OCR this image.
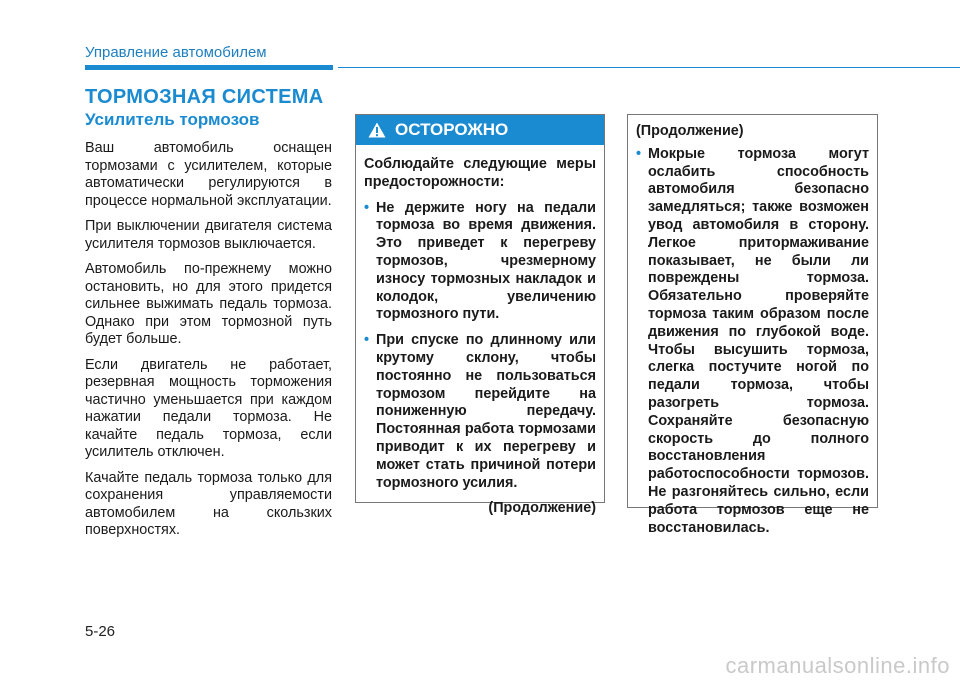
Управление автомобилем
ТОРМОЗНАЯ СИСТЕМА
Усилитель тормозов

Ваш автомобиль оснащен тормозами с усилителем, которые автоматически регулируются в процессе нормальной эксплуатации.

При выключении двигателя система усилителя тормозов выключается.

Автомобиль по-прежнему можно остановить, но для этого придется сильнее выжимать педаль тормоза. Однако при этом тормозной путь будет больше.

Если двигатель не работает, резервная мощность торможения частично уменьшается при каждом нажатии педали тормоза. Не качайте педаль тормоза, если усилитель отключен.

Качайте педаль тормоза только для сохранения управляемости автомобилем на скользких поверхностях.

ОСТОРОЖНО

Соблюдайте следующие меры предосторожности:

• Не держите ногу на педали тормоза во время движения. Это приведет к перегреву тормозов, чрезмерному износу тормозных накладок и колодок, увеличению тормозного пути.
• При спуске по длинному или крутому склону, чтобы постоянно не пользоваться тормозом перейдите на пониженную передачу. Постоянная работа тормозами приводит к их перегреву и может стать причиной потери тормозного усилия.

(Продолжение)

(Продолжение)

• Мокрые тормоза могут ослабить способность автомобиля безопасно замедляться; также возможен увод автомобиля в сторону. Легкое притормаживание показывает, не были ли повреждены тормоза. Обязательно проверяйте тормоза таким образом после движения по глубокой воде. Чтобы высушить тормоза, слегка постучите ногой по педали тормоза, чтобы разогреть тормоза. Сохраняйте безопасную скорость до полного восстановления работоспособности тормозов. Не разгоняйтесь сильно, если работа тормозов еще не восстановилась.
5-26
carmanualsonline.info
